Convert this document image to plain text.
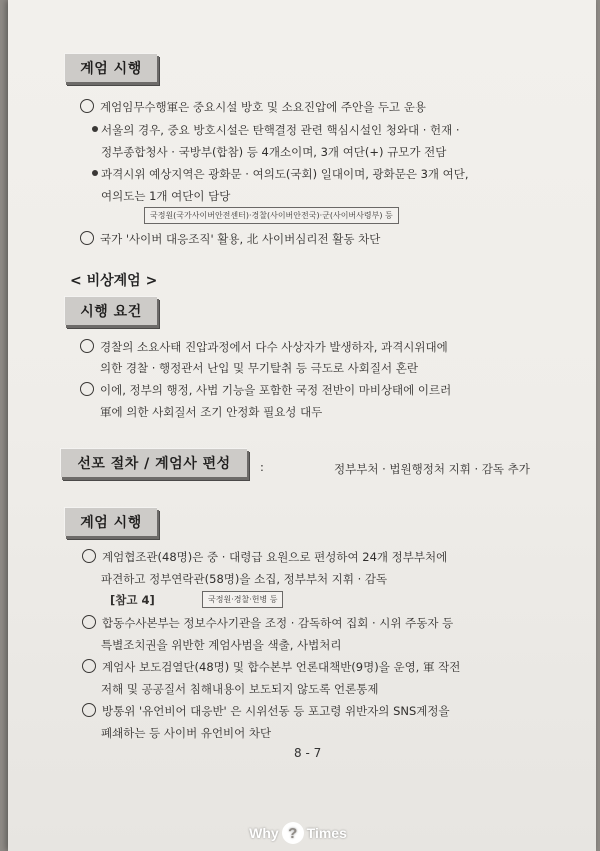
계엄 시행
계엄임무수행軍은 중요시설 방호 및 소요진압에 주안을 두고 운용
서울의 경우, 중요 방호시설은 탄핵결정 관련 핵심시설인 청와대 · 헌재 ·
정부종합청사 · 국방부(합참) 등 4개소이며, 3개 여단(+) 규모가 전담
과격시위 예상지역은 광화문 · 여의도(국회) 일대이며, 광화문은 3개 여단,
여의도는 1개 여단이 담당
국정원(국가사이버안전센터)·경찰(사이버안전국)·군(사이버사령부) 등
국가 '사이버 대응조직' 활용, 北 사이버심리전 활동 차단
< 비상계엄 >
시행 요건
경찰의 소요사태 진압과정에서 다수 사상자가 발생하자, 과격시위대에
의한 경찰 · 행정관서 난입 및 무기탈취 등 극도로 사회질서 혼란
이에, 정부의 행정, 사법 기능을 포함한 국정 전반이 마비상태에 이르러
軍에 의한 사회질서 조기 안정화 필요성 대두
선포 절차 / 계엄사 편성	:	정부부처 · 법원행정처 지휘 · 감독 추가
계엄 시행
계엄협조관(48명)은 중 · 대령급 요원으로 편성하여 24개 정부부처에
파견하고 정부연락관(58명)을 소집, 정부부처 지휘 · 감독
[참고 4]	국정원·경찰·헌병 등
합동수사본부는 정보수사기관을 조정 · 감독하여 집회 · 시위 주동자 등
특별조치권을 위반한 계엄사범을 색출, 사법처리
계엄사 보도검열단(48명) 및 합수본부 언론대책반(9명)을 운영, 軍 작전
저해 및 공공질서 침해내용이 보도되지 않도록 언론통제
방통위 '유언비어 대응반' 은 시위선동 등 포고령 위반자의 SNS계정을
폐쇄하는 등 사이버 유언비어 차단
8 - 7
Why ? Times
